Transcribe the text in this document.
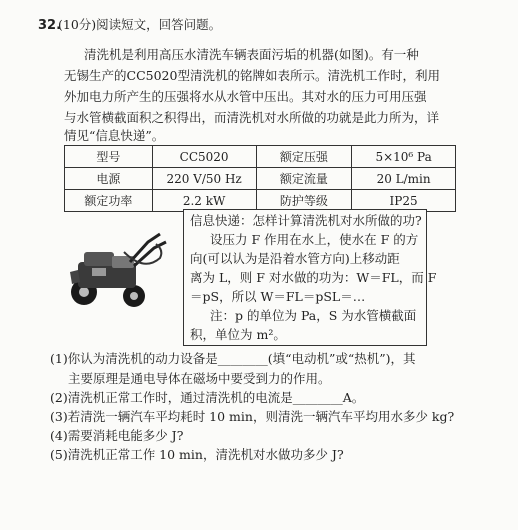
32.
(10分)阅读短文，回答问题。
清洗机是利用高压水清洗车辆表面污垢的机器(如图)。有一种
无锡生产的CC5020型清洗机的铭牌如表所示。清洗机工作时，利用
外加电力所产生的压强将水从水管中压出。其对水的压力可用压强
与水管横截面积之积得出，而清洗机对水所做的功就是此力所为，详
情见“信息快递”。
型号	CC5020	额定压强	5×10⁶ Pa
电源	220 V/50 Hz	额定流量	20 L/min
额定功率	2.2 kW	防护等级	IP25
信息快递：怎样计算清洗机对水所做的功?
设压力 F 作用在水上，使水在 F 的方
向(可以认为是沿着水管方向)上移动距
离为 L，则 F 对水做的功为：W＝FL，而 F
＝pS，所以 W＝FL＝pSL＝…
注：p 的单位为 Pa，S 为水管横截面
积，单位为 m²。
(1)你认为清洗机的动力设备是________(填“电动机”或“热机”)，其
主要原理是通电导体在磁场中要受到力的作用。
(2)清洗机正常工作时，通过清洗机的电流是________A。
(3)若清洗一辆汽车平均耗时 10 min，则清洗一辆汽车平均用水多少 kg?
(4)需要消耗电能多少 J?
(5)清洗机正常工作 10 min，清洗机对水做功多少 J?
